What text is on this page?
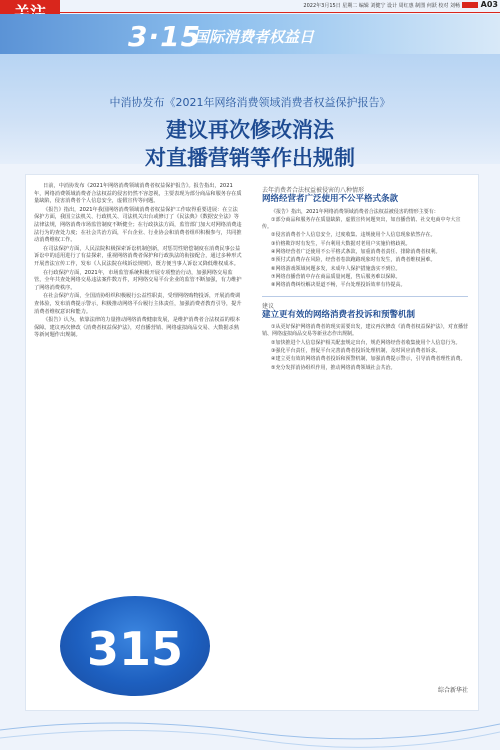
2022年3月15日 星期二 编辑 刘健宁 设计 周红惠 制图 何跃 校对 刘畅	A03
3·15
国际消费者权益日
中消协发布《2021年网络消费领域消费者权益保护报告》
建议再次修改消法
对直播营销等作出规制

日前，中消协发布《2021年网络消费领域消费者权益保护报告》。报告指出，2021年，网络消费领域消费者合法权益的侵害仍然不容忽视，主要表现为部分商品和服务存在质量缺陷，侵害消费者个人信息安全，虚假宣传等问题。

《报告》指出，2021年我国网络消费领域消费者权益保护工作取得重要进展：在立法保护方面，我国立法机关、行政机关、司法机关出台或修订了《民法典》《数据安全法》等法律法规，网络消费市场监管制度不断健全；在行政执法方面，监管部门加大对网络消费违法行为的查处力度；在社会共治方面，平台企业、行业协会和消费者组织积极参与，共同推动消费维权工作。

在司法保护方面，人民法院积极探索诉讼机制创新，对惩罚性赔偿制度在消费民事公益诉讼中的适用进行了有益探索，重视网络消费者保护和行政执法的衔接配合，通过多种形式开展普法宣传工作，发布《人民法院在线诉讼规则》，既方便当事人诉讼又降低维权成本。

在行政保护方面，2021年，市场监管系统积极开展专项整治行动，加强网络交易监管，全年共查处网络交易违法案件数万件，对网络交易平台企业的监管不断加强，有力维护了网络消费秩序。

在社会保护方面，全国消协组织积极履行公益性职责，受理网络购物投诉，开展消费调查体验，发布消费提示警示，积极推动网络平台履行主体责任，加强消费者教育引导，提升消费者维权意识和能力。

《报告》认为，依靠法律的力量推动网络消费健康发展，是维护消费者合法权益的根本保障。建议再次修改《消费者权益保护法》，对直播营销、网络虚拟商品交易、大数据杀熟等新问题作出规制。

去年消费者合法权益被侵害的八种情形
网络经营者广泛使用不公平格式条款

《报告》指出，2021年网络消费领域消费者合法权益被侵害的情形主要有：

①部分商品和服务存在质量缺陷，虚假宣传问题突出，如直播营销、社交电商中夸大宣传。

②侵害消费者个人信息安全，过度收集、违规使用个人信息现象依然存在。

③价格欺诈时有发生，平台利用大数据对老用户实施价格歧视。

④网络经营者广泛使用不公平格式条款，加重消费者责任、排除消费者权利。

⑤预付式消费存在风险，经营者卷款跑路现象时有发生，消费者维权困难。

⑥网络游戏领域问题多发，未成年人保护措施落实不到位。

⑦网络直播营销中存在商品质量问题，售后服务难以保障。

⑧网络消费纠纷解决渠道不畅，平台处理投诉效率有待提高。

建议
建立更有效的网络消费者投诉和预警机制

①从更好保护网络消费者的现实需要出发，建议再次修改《消费者权益保护法》，对直播营销、网络虚拟商品交易等新业态作出规制。

②加快推进个人信息保护相关配套规定出台，规范网络经营者收集使用个人信息行为。

③强化平台责任，督促平台完善消费者投诉处理机制，及时回应消费者诉求。

④建立更有效的网络消费者投诉和预警机制，加强消费提示警示，引导消费者理性消费。

⑤充分发挥消协组织作用，推动网络消费领域社会共治。

综合新华社
315
